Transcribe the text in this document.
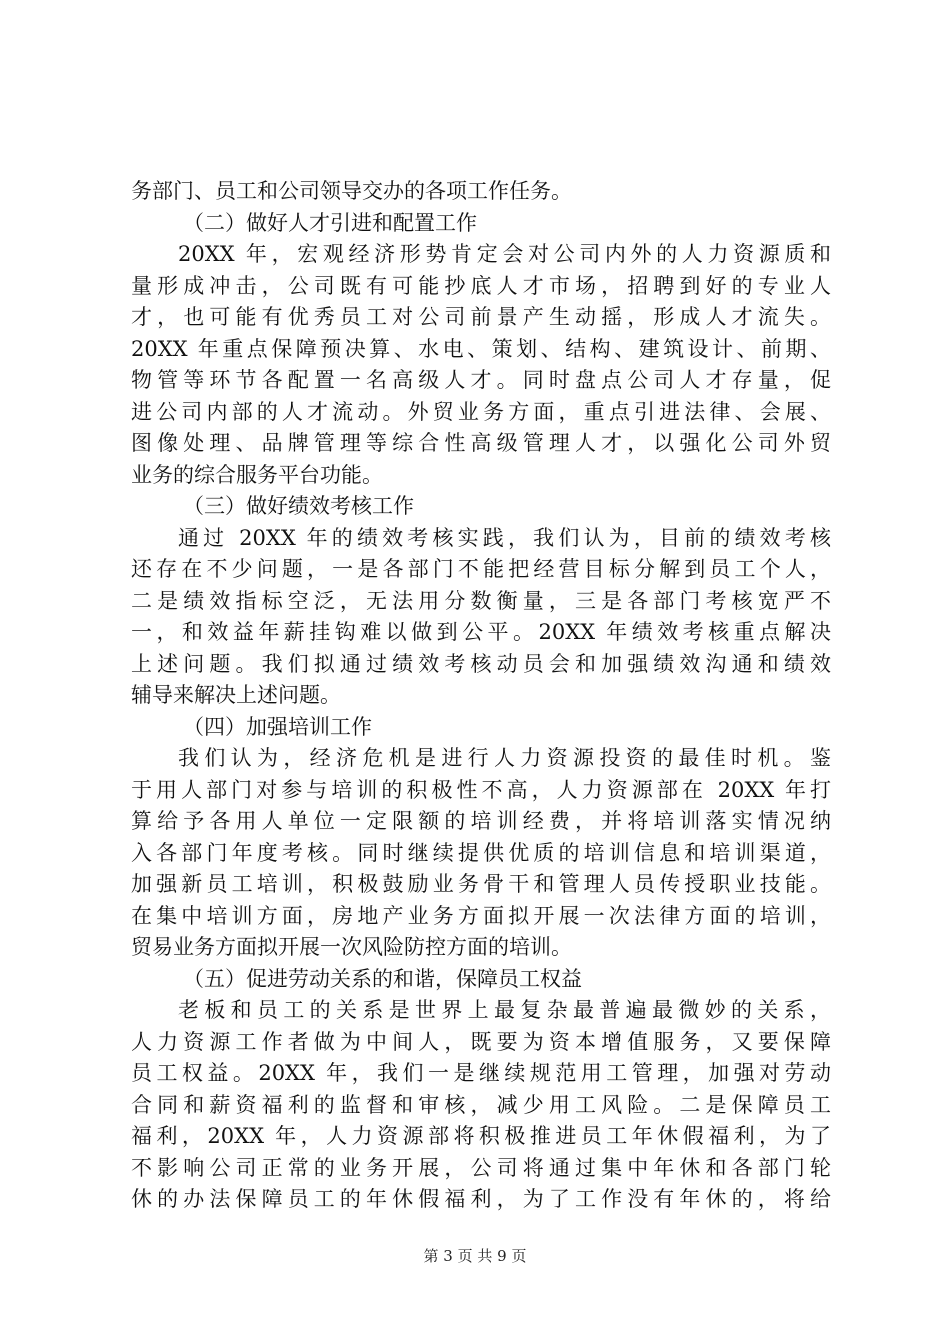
务部门、员工和公司领导交办的各项工作任务。
（二）做好人才引进和配置工作
20XX 年，宏观经济形势肯定会对公司内外的人力资源质和
量形成冲击，公司既有可能抄底人才市场，招聘到好的专业人
才，也可能有优秀员工对公司前景产生动摇，形成人才流失。
20XX 年重点保障预决算、水电、策划、结构、建筑设计、前期、
物管等环节各配置一名高级人才。同时盘点公司人才存量，促
进公司内部的人才流动。外贸业务方面，重点引进法律、会展、
图像处理、品牌管理等综合性高级管理人才，以强化公司外贸
业务的综合服务平台功能。
（三）做好绩效考核工作
通过 20XX 年的绩效考核实践，我们认为，目前的绩效考核
还存在不少问题，一是各部门不能把经营目标分解到员工个人，
二是绩效指标空泛，无法用分数衡量，三是各部门考核宽严不
一，和效益年薪挂钩难以做到公平。20XX 年绩效考核重点解决
上述问题。我们拟通过绩效考核动员会和加强绩效沟通和绩效
辅导来解决上述问题。
（四）加强培训工作
我们认为，经济危机是进行人力资源投资的最佳时机。鉴
于用人部门对参与培训的积极性不高，人力资源部在 20XX 年打
算给予各用人单位一定限额的培训经费，并将培训落实情况纳
入各部门年度考核。同时继续提供优质的培训信息和培训渠道，
加强新员工培训，积极鼓励业务骨干和管理人员传授职业技能。
在集中培训方面，房地产业务方面拟开展一次法律方面的培训，
贸易业务方面拟开展一次风险防控方面的培训。
（五）促进劳动关系的和谐，保障员工权益
老板和员工的关系是世界上最复杂最普遍最微妙的关系，
人力资源工作者做为中间人，既要为资本增值服务，又要保障
员工权益。20XX 年，我们一是继续规范用工管理，加强对劳动
合同和薪资福利的监督和审核，减少用工风险。二是保障员工
福利，20XX 年，人力资源部将积极推进员工年休假福利，为了
不影响公司正常的业务开展，公司将通过集中年休和各部门轮
休的办法保障员工的年休假福利，为了工作没有年休的，将给
第 3 页 共 9 页
